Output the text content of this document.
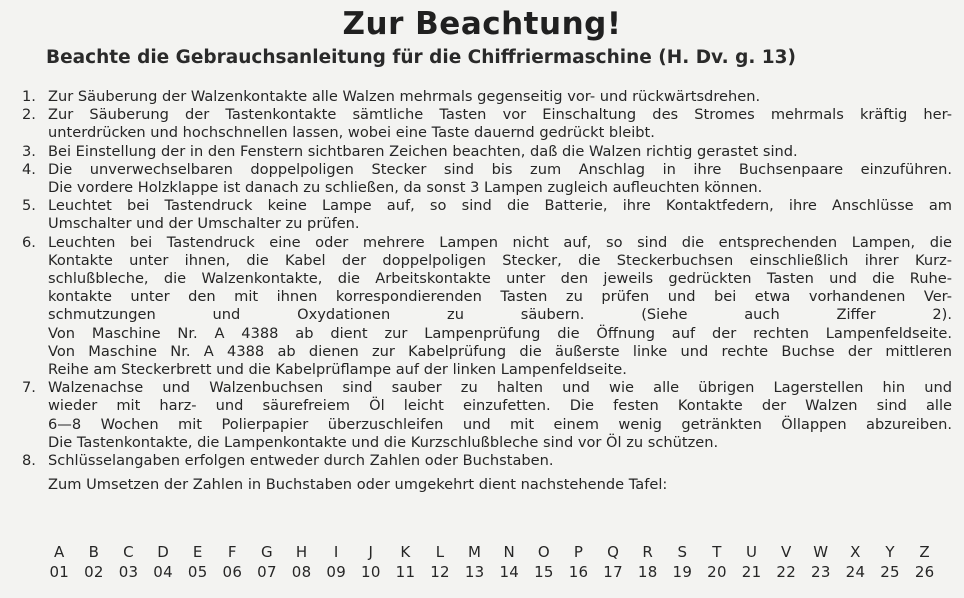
Zur Beachtung!
Beachte die Gebrauchsanleitung für die Chiffriermaschine (H. Dv. g. 13)
1. Zur Säuberung der Walzenkontakte alle Walzen mehrmals gegenseitig vor- und rückwärtsdrehen.
2. Zur Säuberung der Tastenkontakte sämtliche Tasten vor Einschaltung des Stromes mehrmals kräftig her-
unterdrücken und hochschnellen lassen, wobei eine Taste dauernd gedrückt bleibt.
3. Bei Einstellung der in den Fenstern sichtbaren Zeichen beachten, daß die Walzen richtig gerastet sind.
4. Die unverwechselbaren doppelpoligen Stecker sind bis zum Anschlag in ihre Buchsenpaare einzuführen.
Die vordere Holzklappe ist danach zu schließen, da sonst 3 Lampen zugleich aufleuchten können.
5. Leuchtet bei Tastendruck keine Lampe auf, so sind die Batterie, ihre Kontaktfedern, ihre Anschlüsse am
Umschalter und der Umschalter zu prüfen.
6. Leuchten bei Tastendruck eine oder mehrere Lampen nicht auf, so sind die entsprechenden Lampen, die
Kontakte unter ihnen, die Kabel der doppelpoligen Stecker, die Steckerbuchsen einschließlich ihrer Kurz-
schlußbleche, die Walzenkontakte, die Arbeitskontakte unter den jeweils gedrückten Tasten und die Ruhe-
kontakte unter den mit ihnen korrespondierenden Tasten zu prüfen und bei etwa vorhandenen Ver-
schmutzungen und Oxydationen zu säubern. (Siehe auch Ziffer 2).
Von Maschine Nr. A 4388 ab dient zur Lampenprüfung die Öffnung auf der rechten Lampenfeldseite.
Von Maschine Nr. A 4388 ab dienen zur Kabelprüfung die äußerste linke und rechte Buchse der mittleren
Reihe am Steckerbrett und die Kabelprüflampe auf der linken Lampenfeldseite.
7. Walzenachse und Walzenbuchsen sind sauber zu halten und wie alle übrigen Lagerstellen hin und
wieder mit harz- und säurefreiem Öl leicht einzufetten. Die festen Kontakte der Walzen sind alle
6—8 Wochen mit Polierpapier überzuschleifen und mit einem wenig getränkten Öllappen abzureiben.
Die Tastenkontakte, die Lampenkontakte und die Kurzschlußbleche sind vor Öl zu schützen.
8. Schlüsselangaben erfolgen entweder durch Zahlen oder Buchstaben.
Zum Umsetzen der Zahlen in Buchstaben oder umgekehrt dient nachstehende Tafel:
A	B	C	D	E	F	G	H	I	J	K	L	M	N	O	P	Q	R	S	T	U	V	W	X	Y	Z
01 02 03 04 05 06 07 08 09 10 11 12 13 14 15 16 17 18 19 20 21 22 23 24 25 26
